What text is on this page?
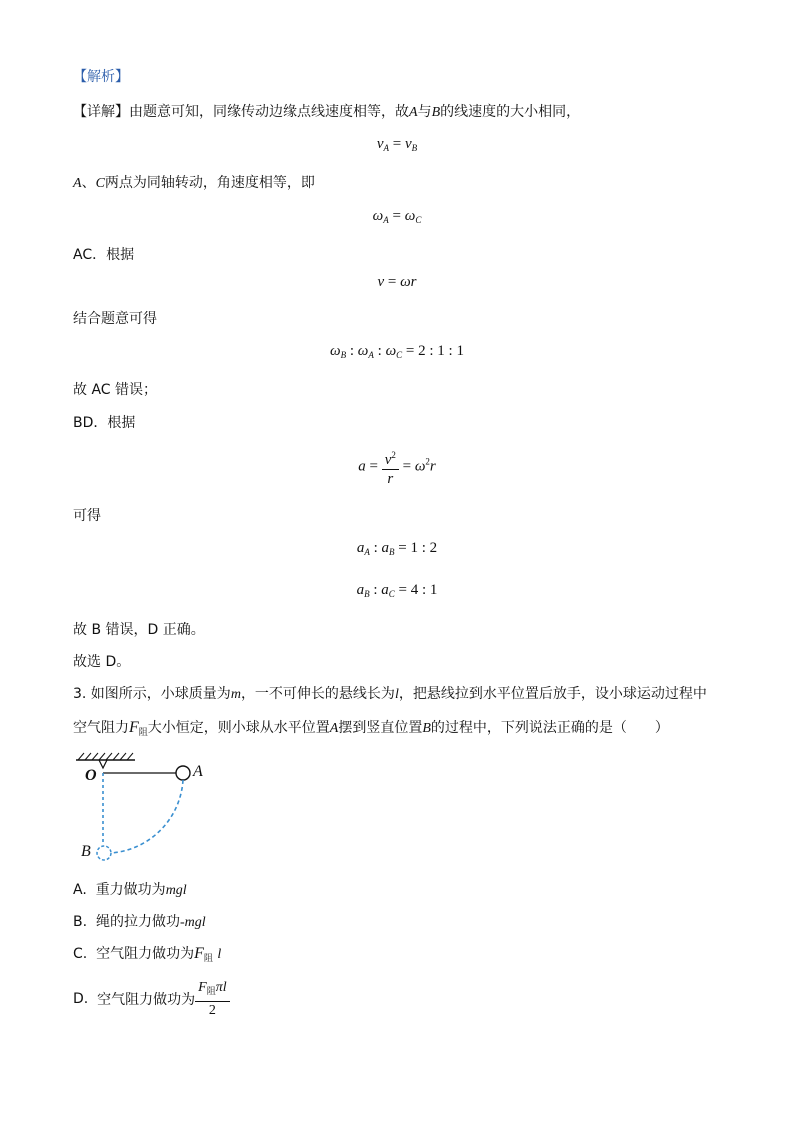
【解析】
【详解】由题意可知，同缘传动边缘点线速度相等，故A与B的线速度的大小相同，
$v_A = v_B$
A、C两点为同轴转动，角速度相等，即
$\omega_A = \omega_C$
AC．根据
v = ωr
结合题意可得
$\omega_B$ : $\omega_A$ : $\omega_C = 2$ : 1 : 1
故 AC 错误；
BD．根据
$a = \frac{v^2}{r} = \omega^2r$
可得
$a_A$ : $a_B = 1$ : 2
$a_B$ : $a_C = 4$ : 1
故 B 错误，D 正确。
故选 D。
3. 如图所示，小球质量为m，一不可伸长的悬线长为l，把悬线拉到水平位置后放手，设小球运动过程中
空气阻力$F_阻$大小恒定，则小球从水平位置A摆到竖直位置B的过程中，下列说法正确的是（　　）
O	A
B
A. 重力做功为mgl
B. 绳的拉力做功-mgl
C. 空气阻力做功为$F_阻$ l
D. 空气阻力做功为 $\frac{F_阻\pi l}{2}$
